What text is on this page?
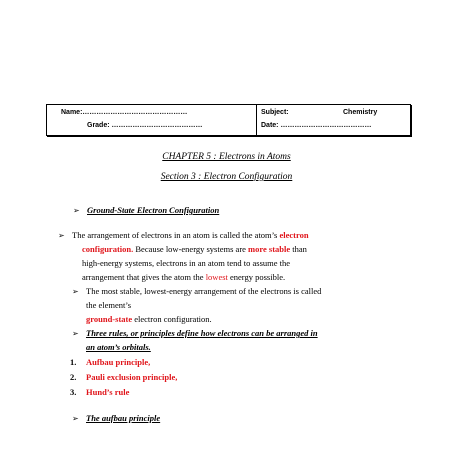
Name:………………………………………
Grade: …………………………………
Subject:	Chemistry
Date: …………………………………
CHAPTER 5 : Electrons in Atoms
Section 3 : Electron Configuration
➢ Ground-State Electron Configuration
➢ The arrangement of electrons in an atom is called the atom’s electron
configuration. Because low-energy systems are more stable than
high-energy systems, electrons in an atom tend to assume the
arrangement that gives the atom the lowest energy possible.
➢ The most stable, lowest-energy arrangement of the electrons is called
the element’s
ground-state electron configuration.
➢ Three rules, or principles define how electrons can be arranged in
an atom’s orbitals.
1. Aufbau principle,
2. Pauli exclusion principle,
3. Hund’s rule
➢ The aufbau principle
